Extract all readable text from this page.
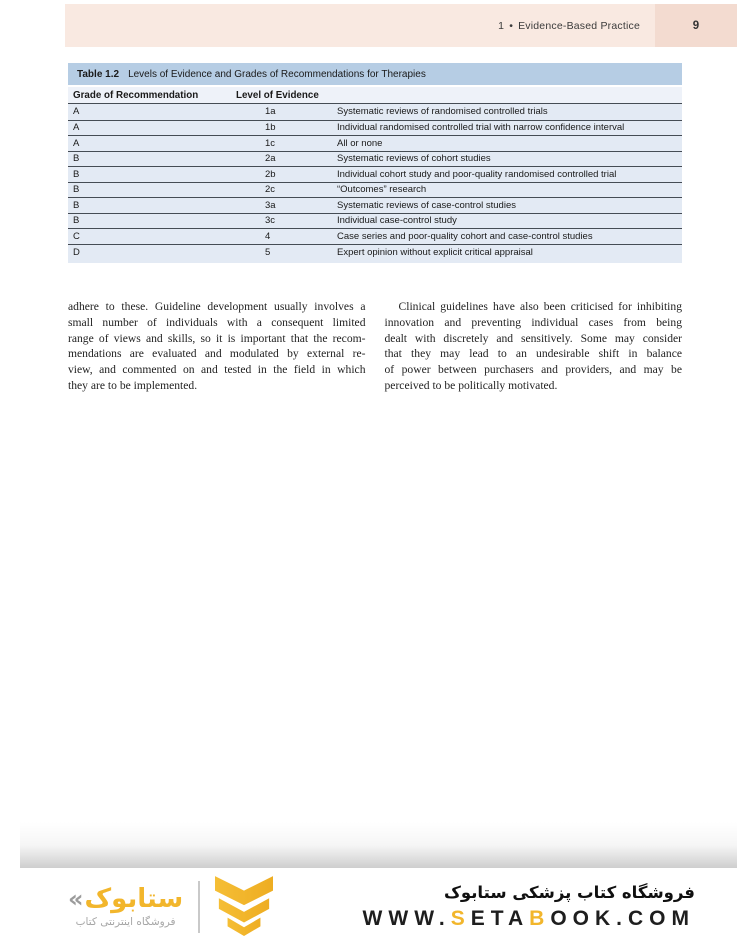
1 • Evidence-Based Practice	9
Table 1.2 Levels of Evidence and Grades of Recommendations for Therapies
Grade of Recommendation	Level of Evidence
A	1a	Systematic reviews of randomised controlled trials
A	1b	Individual randomised controlled trial with narrow confidence interval
A	1c	All or none
B	2a	Systematic reviews of cohort studies
B	2b	Individual cohort study and poor-quality randomised controlled trial
B	2c	“Outcomes” research
B	3a	Systematic reviews of case-control studies
B	3c	Individual case-control study
C	4	Case series and poor-quality cohort and case-control studies
D	5	Expert opinion without explicit critical appraisal
adhere to these. Guideline development usually involves a
small number of individuals with a consequent limited
range of views and skills, so it is important that the recom-
mendations are evaluated and modulated by external re-
view, and commented on and tested in the field in which
they are to be implemented.
Clinical guidelines have also been criticised for inhibiting
innovation and preventing individual cases from being
dealt with discretely and sensitively. Some may consider
that they may lead to an undesirable shift in balance
of power between purchasers and providers, and may be
perceived to be politically motivated.
« ستابوک
فروشگاه اینترنتی کتاب
فروشگاه کتاب پزشکی ستابوک
WWW.SETABOOK.COM
